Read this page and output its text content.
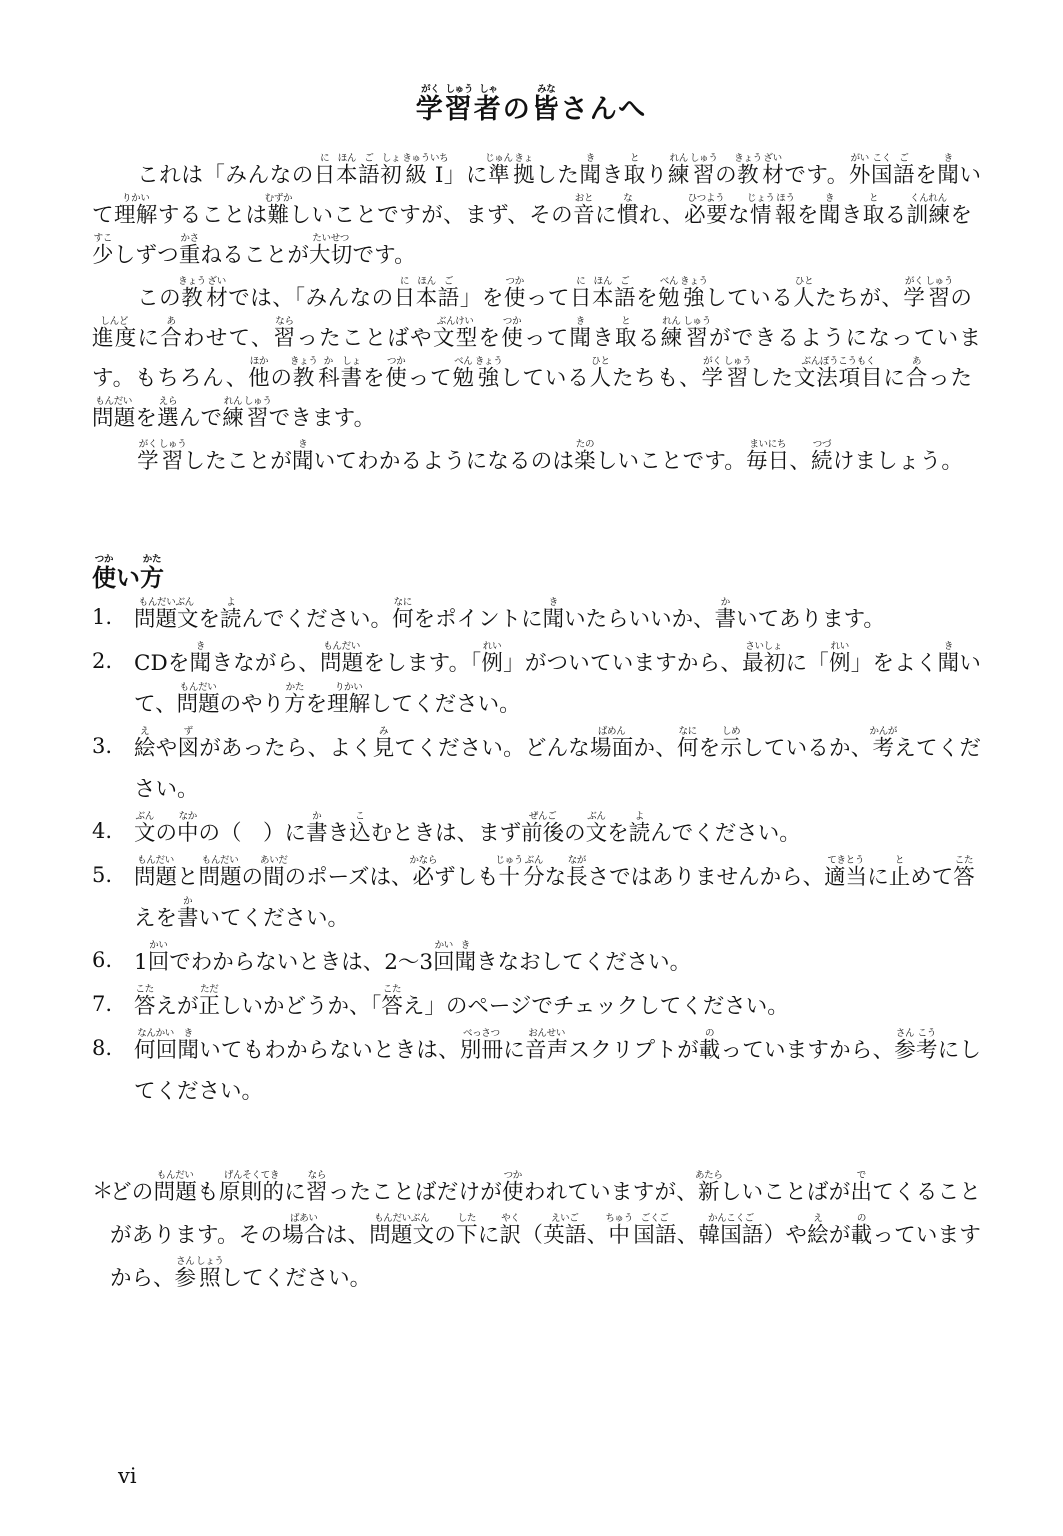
学がく習しゅう者しゃの皆みなさんへ

これは「みんなの日に本ほん語ご初しょ級きゅうⅠいち」に準じゅん拠きょした聞きき取とり練れん習しゅうの教きょう材ざいです。外がい国こく語ごを聞きいて理解りかいすることは難むずかしいことですが、まず、その音おとに慣なれ、必要ひつような情じょう報ほうを聞きき取とる訓練くんれんを少すこしずつ重かさねることが大切たいせつです。

この教きょう材ざいでは、「みんなの日に本ほん語ご」を使つかって日に本ほん語ごを勉べん強きょうしている人ひとたちが、学がく習しゅうの進度しんどに合あわせて、習ならったことばや文型ぶんけいを使つかって聞きき取とる練れん習しゅうができるようになっています。もちろん、他ほかの教きょう科か書しょを使つかって勉べん強きょうしている人ひとたちも、学がく習しゅうした文法項目ぶんぽうこうもくに合あった問題もんだいを選えらんで練れん習しゅうできます。

学がく習しゅうしたことが聞きいてわかるようになるのは楽たのしいことです。毎日まいにち、続つづけましょう。

使つかい方かた
1.	問題文もんだいぶんを読よんでください。何なにをポイントに聞きいたらいいか、書かいてあります。
2.	CDを聞ききながら、問題もんだいをします。「例れい」がついていますから、最初さいしょに「例れい」をよく聞きいて、問題もんだいのやり方かたを理解りかいしてください。
3.	絵えや図ずがあったら、よく見みてください。どんな場面ばめんか、何なにを示しめしているか、考かんがえてください。
4.	文ぶんの中なかの（　）に書かき込こむときは、まず前後ぜんごの文ぶんを読よんでください。
5.	問題もんだいと問題もんだいの間あいだのポーズは、必かならずしも十じゅう分ぶんな長ながさではありませんから、適当てきとうに止とめて答こたえを書かいてください。
6.	1回かいでわからないときは、2〜3回かい聞ききなおしてください。
7.	答こたえが正ただしいかどうか、「答こたえ」のページでチェックしてください。
8.	何回なんかい聞きいてもわからないときは、別冊べっさつに音声おんせいスクリプトが載のっていますから、参さん考こうにしてください。
＊
どの問題もんだいも原則的げんそくてきに習ならったことばだけが使つかわれていますが、新あたらしいことばが出でてくることがあります。その場合ばあいは、問題文もんだいぶんの下したに訳やく（英語えいご、中ちゅう国語ごくご、韓国語かんこくご）や絵えが載のっていますから、参さん照しょうしてください。
vi
